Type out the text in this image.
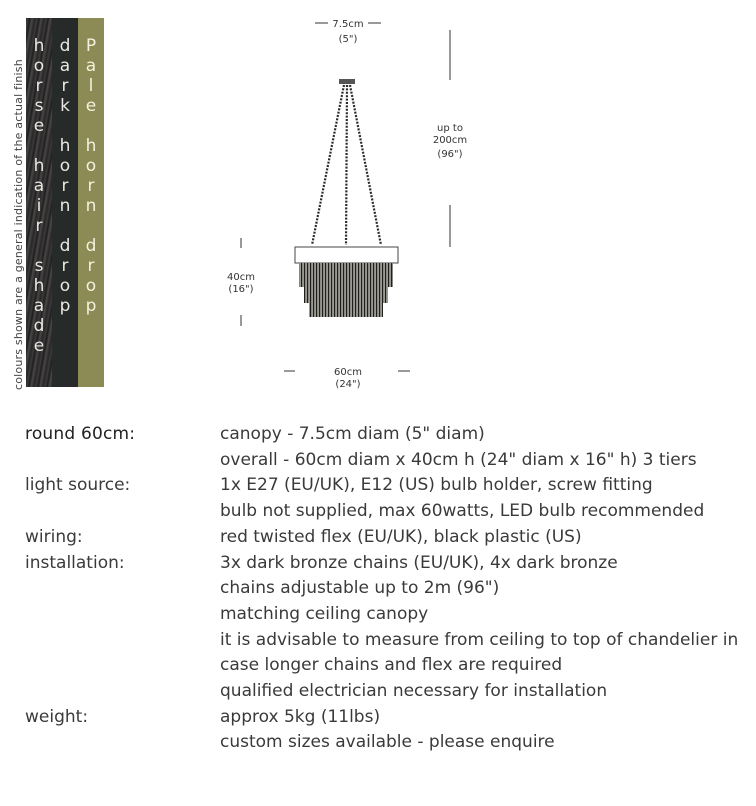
colours shown are a general indication of the actual finish
h
o
r
s
e

h
a
i
r

s
h
a
d
e
d
a
r
k

h
o
r
n

d
r
o
p
P
a
l
e

h
o
r
n

d
r
o
p
7.5cm
(5")
up to
200cm
(96")
40cm
(16")
60cm
(24")
round 60cm:	canopy - 7.5cm diam (5" diam)
overall - 60cm diam x 40cm h (24" diam x 16" h) 3 tiers
light source:	1x E27 (EU/UK), E12 (US) bulb holder, screw fitting
bulb not supplied, max 60watts, LED bulb recommended
wiring:	red twisted flex (EU/UK), black plastic (US)
installation:	3x dark bronze chains (EU/UK), 4x dark bronze
chains adjustable up to 2m (96")
matching ceiling canopy
it is advisable to measure from ceiling to top of chandelier in
case longer chains and flex are required
qualified electrician necessary for installation
weight:	approx 5kg (11lbs)
custom sizes available - please enquire
